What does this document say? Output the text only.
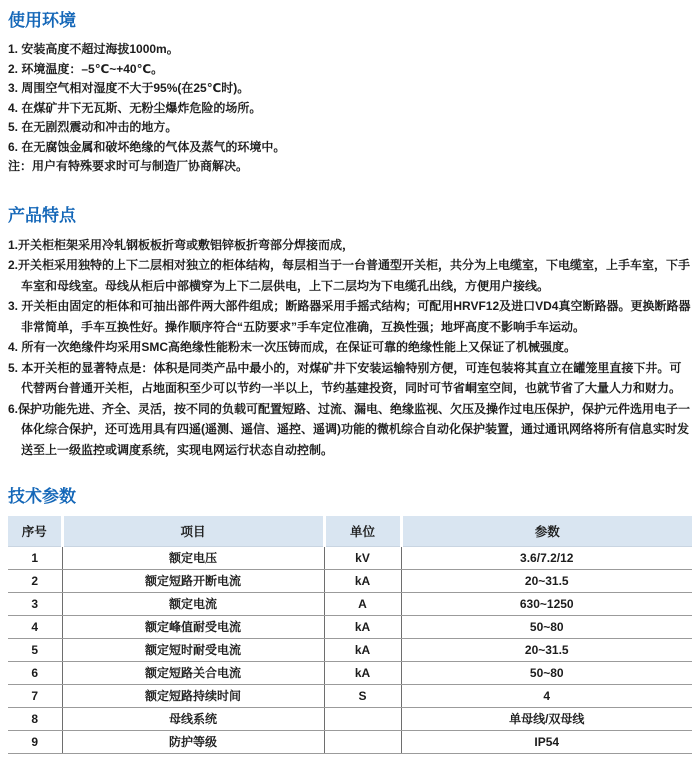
使用环境

1. 安装高度不超过海拔1000m。

2. 环境温度：–5℃~+40℃。

3. 周围空气相对湿度不大于95%(在25℃时)。

4. 在煤矿井下无瓦斯、无粉尘爆炸危险的场所。

5. 在无剧烈震动和冲击的地方。

6. 在无腐蚀金属和破坏绝缘的气体及蒸气的环境中。

注：用户有特殊要求时可与制造厂协商解决。

产品特点

1.开关柜柜架采用冷轧钢板板折弯或敷铝锌板折弯部分焊接而成，

2.开关柜采用独特的上下二层相对独立的柜体结构，每层相当于一台普通型开关柜，共分为上电缆室，下电缆室，上手车室，下手车室和母线室。母线从柜后中部横穿为上下二层供电，上下二层均为下电缆孔出线，方便用户接线。

3. 开关柜由固定的柜体和可抽出部件两大部件组成；断路器采用手摇式结构；可配用HRVF12及进口VD4真空断路器。更换断路器非常简单，手车互换性好。操作顺序符合“五防要求”手车定位准确，互换性强；地坪高度不影响手车运动。

4. 所有一次绝缘件均采用SMC高绝缘性能粉末一次压铸而成，在保证可靠的绝缘性能上又保证了机械强度。

5. 本开关柜的显著特点是：体积是同类产品中最小的，对煤矿井下安装运输特别方便，可连包装将其直立在罐笼里直接下井。可代替两台普通开关柜，占地面积至少可以节约一半以上，节约基建投资，同时可节省峒室空间，也就节省了大量人力和财力。

6.保护功能先进、齐全、灵活，按不同的负载可配置短路、过流、漏电、绝缘监视、欠压及操作过电压保护，保护元件选用电子一体化综合保护，还可选用具有四遥(遥测、遥信、遥控、遥调)功能的微机综合自动化保护装置，通过通讯网络将所有信息实时发送至上一级监控或调度系统，实现电网运行状态自动控制。

技术参数
序号	项目	单位	参数
1	额定电压	kV	3.6/7.2/12
2	额定短路开断电流	kA	20~31.5
3	额定电流	A	630~1250
4	额定峰值耐受电流	kA	50~80
5	额定短时耐受电流	kA	20~31.5
6	额定短路关合电流	kA	50~80
7	额定短路持续时间	S	4
8	母线系统		单母线/双母线
9	防护等级		IP54
